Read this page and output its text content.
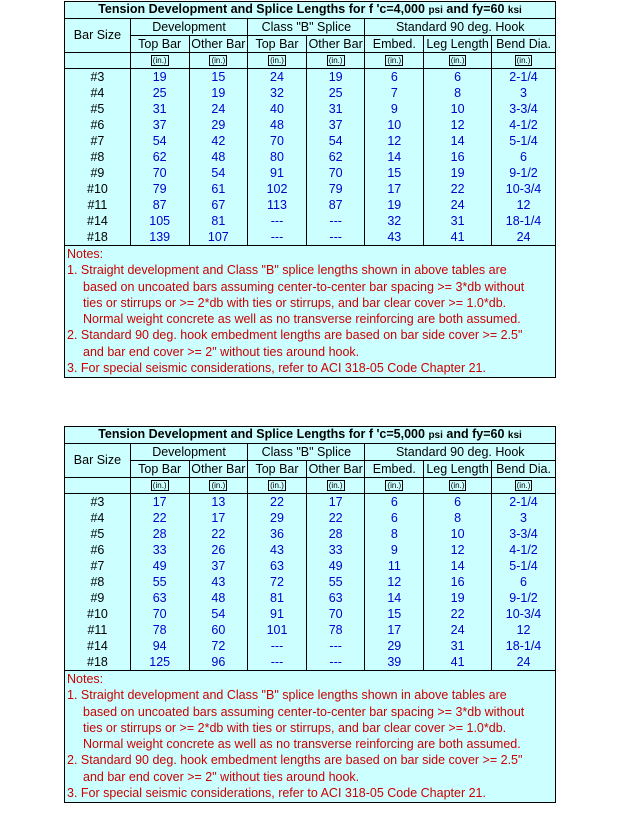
Tension Development and Splice Lengths for f 'c=4,000 psi and fy=60 ksi							
Bar Size	Development		Class "B" Splice		Standard 90 deg. Hook		
	Top Bar	Other Bar	Top Bar	Other Bar	Embed.	Leg Length	Bend Dia.
	(in.)	(in.)	(in.)	(in.)	(in.)	(in.)	(in.)
#3	19	15	24	19	6	6	2-1/4
#4	25	19	32	25	7	8	3
#5	31	24	40	31	9	10	3-3/4
#6	37	29	48	37	10	12	4-1/2
#7	54	42	70	54	12	14	5-1/4
#8	62	48	80	62	14	16	6
#9	70	54	91	70	15	19	9-1/2
#10	79	61	102	79	17	22	10-3/4
#11	87	67	113	87	19	24	12
#14	105	81	---	---	32	31	18-1/4
#18	139	107	---	---	43	41	24
Notes:
1. Straight development and Class "B" splice lengths shown in above tables are
based on uncoated bars assuming center-to-center bar spacing >= 3*db without
ties or stirrups or >= 2*db with ties or stirrups, and bar clear cover >= 1.0*db.
Normal weight concrete as well as no transverse reinforcing are both assumed.
2. Standard 90 deg. hook embedment lengths are based on bar side cover >= 2.5"
and bar end cover >= 2" without ties around hook.
3. For special seismic considerations, refer to ACI 318-05 Code Chapter 21.
Tension Development and Splice Lengths for f 'c=5,000 psi and fy=60 ksi							
Bar Size	Development		Class "B" Splice		Standard 90 deg. Hook		
	Top Bar	Other Bar	Top Bar	Other Bar	Embed.	Leg Length	Bend Dia.
	(in.)	(in.)	(in.)	(in.)	(in.)	(in.)	(in.)
#3	17	13	22	17	6	6	2-1/4
#4	22	17	29	22	6	8	3
#5	28	22	36	28	8	10	3-3/4
#6	33	26	43	33	9	12	4-1/2
#7	49	37	63	49	11	14	5-1/4
#8	55	43	72	55	12	16	6
#9	63	48	81	63	14	19	9-1/2
#10	70	54	91	70	15	22	10-3/4
#11	78	60	101	78	17	24	12
#14	94	72	---	---	29	31	18-1/4
#18	125	96	---	---	39	41	24
Notes:
1. Straight development and Class "B" splice lengths shown in above tables are
based on uncoated bars assuming center-to-center bar spacing >= 3*db without
ties or stirrups or >= 2*db with ties or stirrups, and bar clear cover >= 1.0*db.
Normal weight concrete as well as no transverse reinforcing are both assumed.
2. Standard 90 deg. hook embedment lengths are based on bar side cover >= 2.5"
and bar end cover >= 2" without ties around hook.
3. For special seismic considerations, refer to ACI 318-05 Code Chapter 21.
